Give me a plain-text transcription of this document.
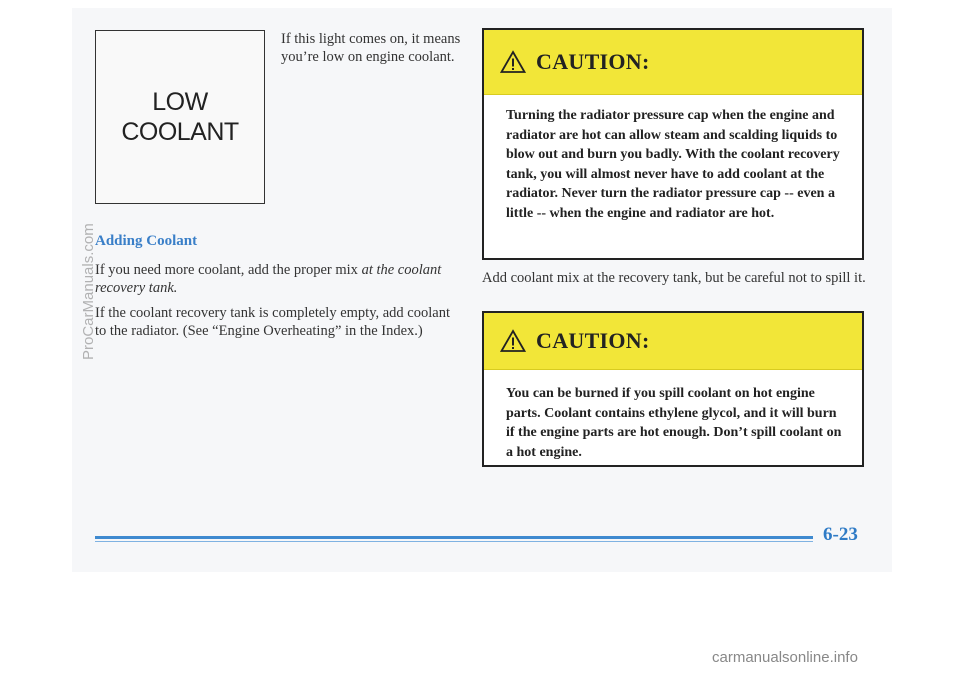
LOW
COOLANT
If this light comes on, it means you’re low on engine coolant.
Adding Coolant
If you need more coolant, add the proper mix at the coolant recovery tank.
If the coolant recovery tank is completely empty, add coolant to the radiator. (See “Engine Overheating” in the Index.)
CAUTION:
Turning the radiator pressure cap when the engine and radiator are hot can allow steam and scalding liquids to blow out and burn you badly. With the coolant recovery tank, you will almost never have to add coolant at the radiator. Never turn the radiator pressure cap -- even a little -- when the engine and radiator are hot.
Add coolant mix at the recovery tank, but be careful not to spill it.
CAUTION:
You can be burned if you spill coolant on hot engine parts. Coolant contains ethylene glycol, and it will burn if the engine parts are hot enough. Don’t spill coolant on a hot engine.
6-23
ProCarManuals.com
carmanualsonline.info
